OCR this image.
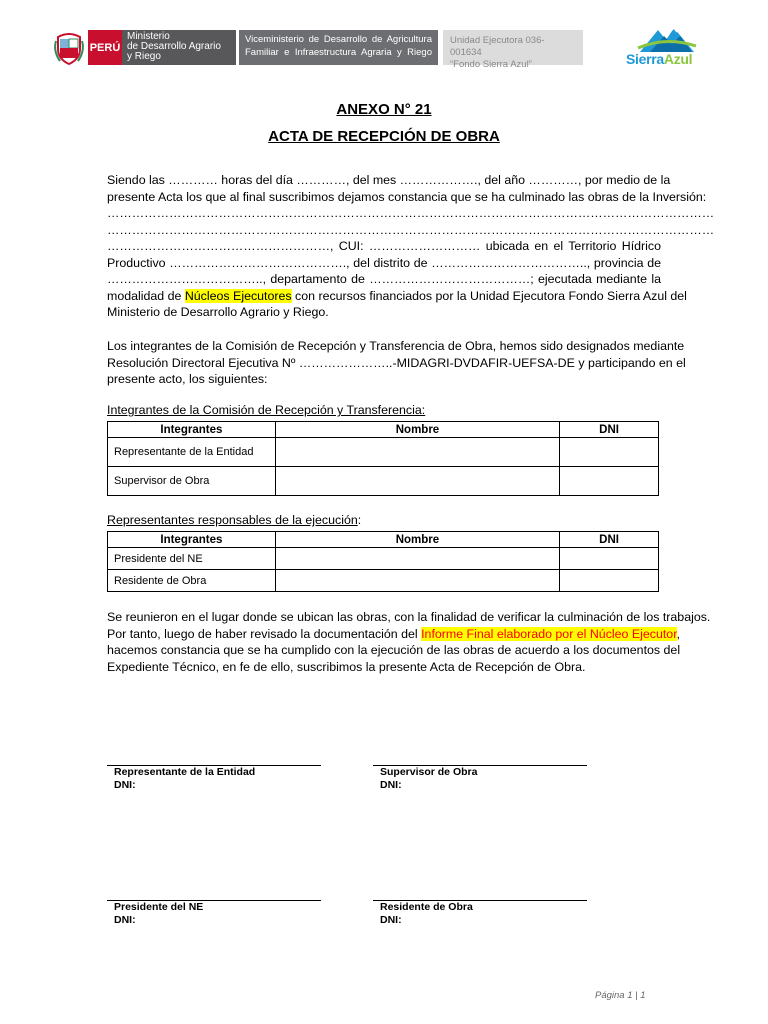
PERÚ
Ministerio
de Desarrollo Agrario
y Riego
Viceministerio de Desarrollo de Agricultura
Familiar e Infraestructura Agraria y Riego
Unidad Ejecutora 036-001634
“Fondo Sierra Azul”	SierraAzul
ANEXO N° 21
ACTA DE RECEPCIÓN DE OBRA
Siendo las ………… horas del día …………, del mes ………………., del año …………, por medio de la
presente Acta los que al final suscribimos dejamos constancia que se ha culminado las obras de la Inversión:
…………………………………………………………………………………………………………………………………
…………………………………………………………………………………………………………………………………
………………………………………………, CUI: ……………………… ubicada en el Territorio Hídrico
Productivo ……………………………………., del distrito de ……………………………….., provincia de
……………………………….., departamento de …………………………………; ejecutada mediante la
modalidad de Núcleos Ejecutores con recursos financiados por la Unidad Ejecutora Fondo Sierra Azul del
Ministerio de Desarrollo Agrario y Riego.
Los integrantes de la Comisión de Recepción y Transferencia de Obra, hemos sido designados mediante
Resolución Directoral Ejecutiva Nº …………………..-MIDAGRI-DVDAFIR-UEFSA-DE y participando en el
presente acto, los siguientes:
Integrantes de la Comisión de Recepción y Transferencia:
Integrantes	Nombre	DNI
Representante de la Entidad		
Supervisor de Obra		
Representantes responsables de la ejecución:
Integrantes	Nombre	DNI
Presidente del NE		
Residente de Obra		
Se reunieron en el lugar donde se ubican las obras, con la finalidad de verificar la culminación de los trabajos.
Por tanto, luego de haber revisado la documentación del Informe Final elaborado por el Núcleo Ejecutor,
hacemos constancia que se ha cumplido con la ejecución de las obras de acuerdo a los documentos del
Expediente Técnico, en fe de ello, suscribimos la presente Acta de Recepción de Obra.
Representante de la Entidad
DNI:
Supervisor de Obra
DNI:
Presidente del NE
DNI:
Residente de Obra
DNI:
Página 1 | 1
